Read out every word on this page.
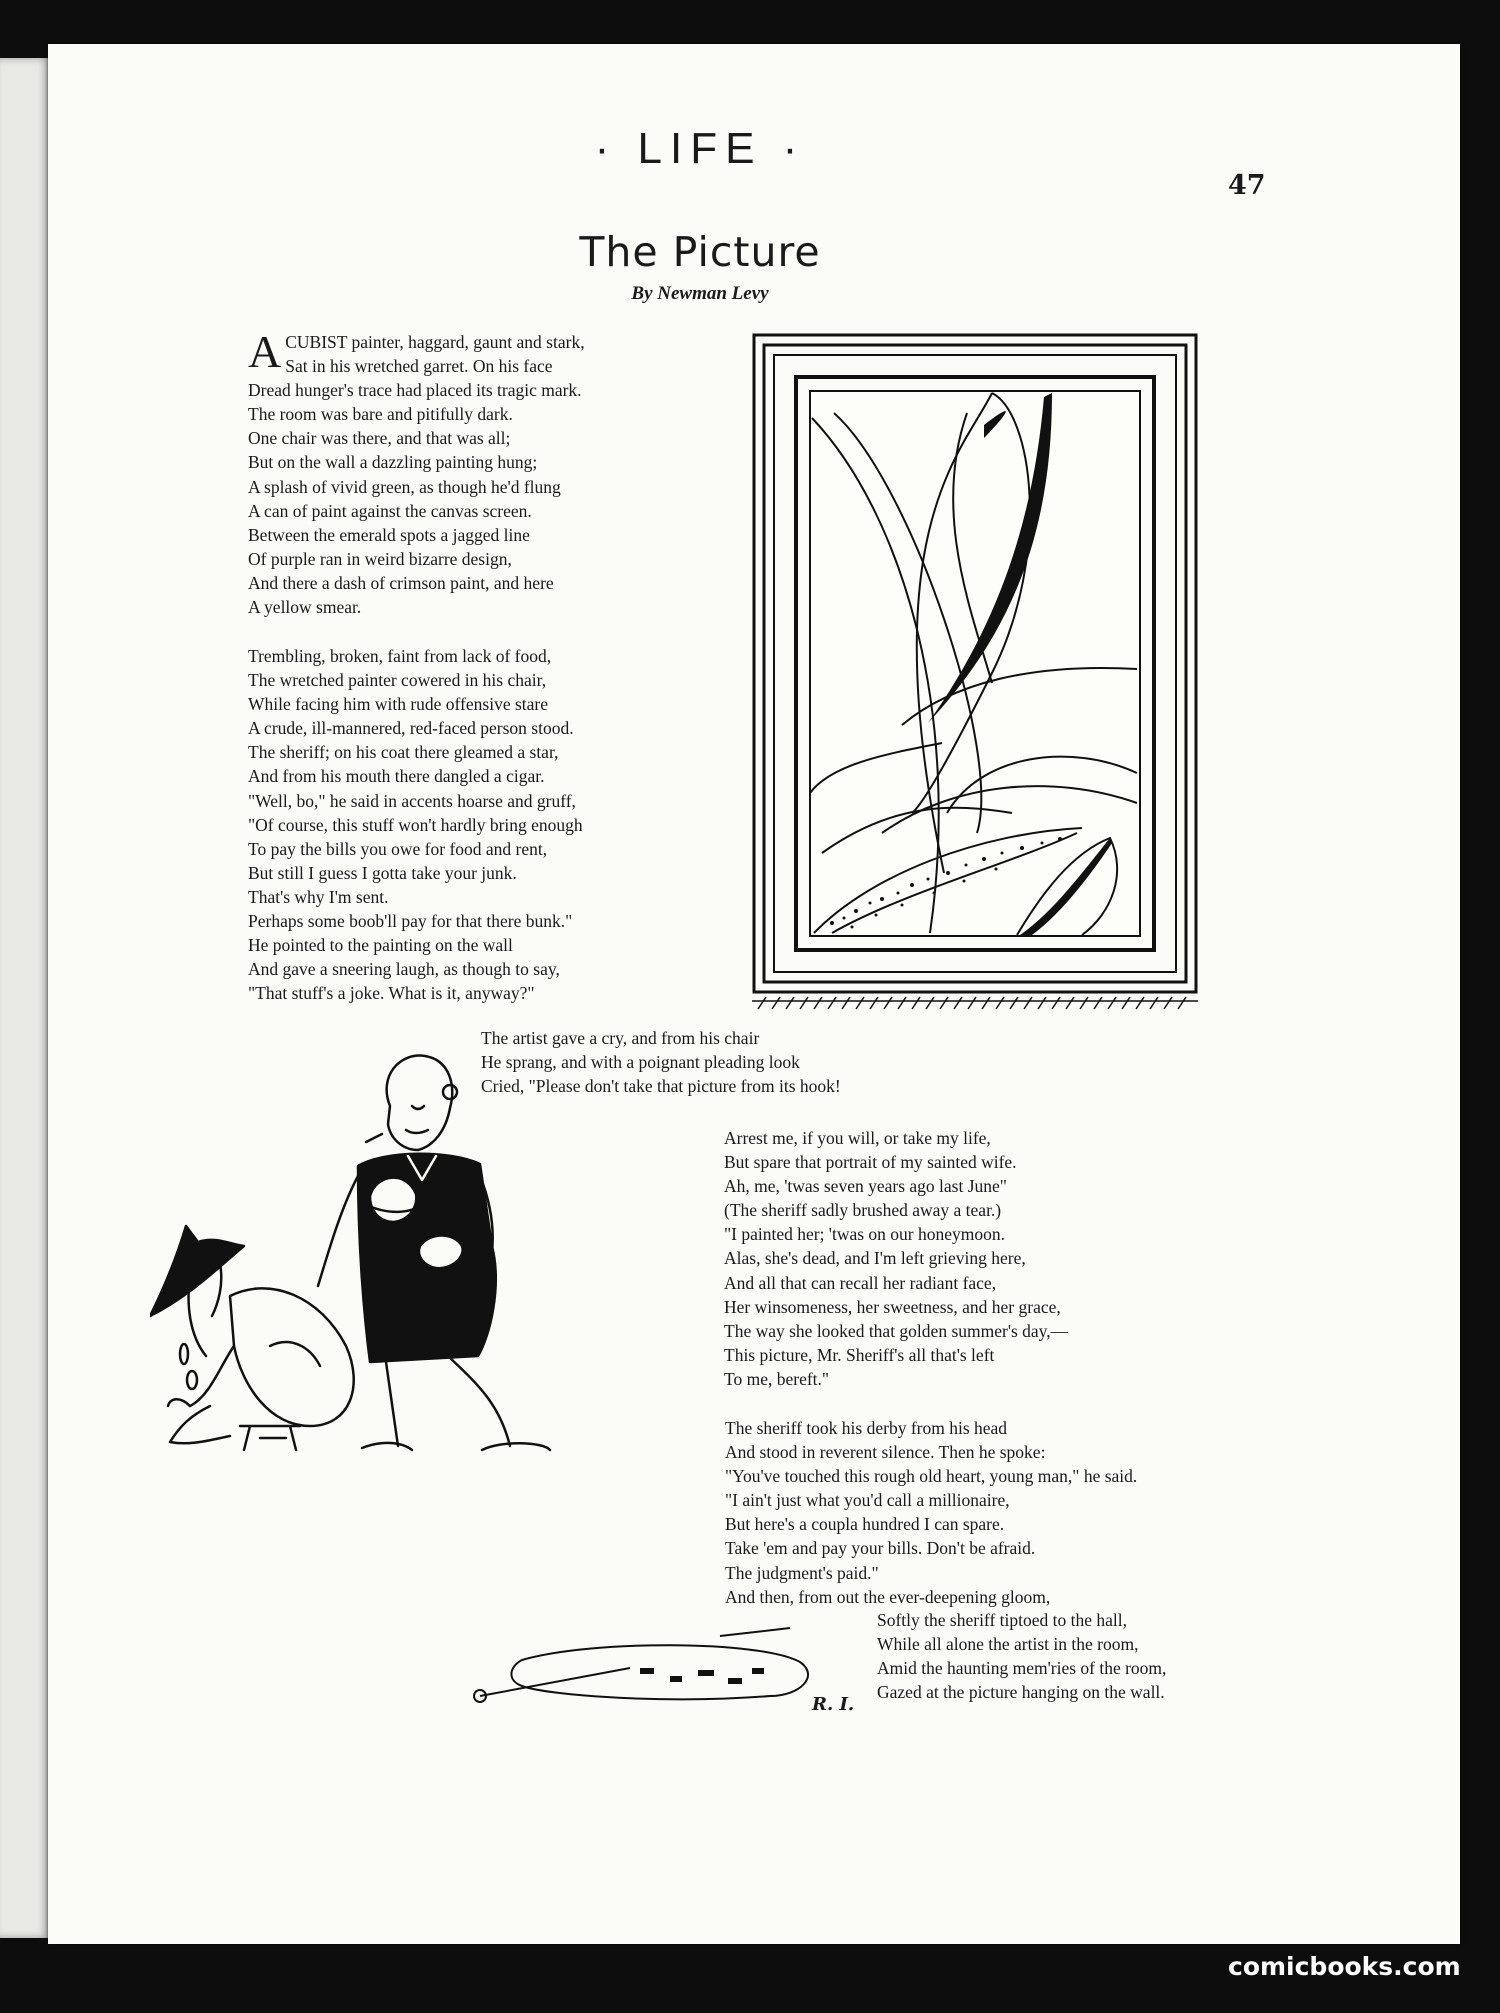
· LIFE ·
47
The Picture
By Newman Levy
A CUBIST painter, haggard, gaunt and stark,
Sat in his wretched garret. On his face
Dread hunger's trace had placed its tragic mark.
The room was bare and pitifully dark.
One chair was there, and that was all;
But on the wall a dazzling painting hung;
A splash of vivid green, as though he'd flung
A can of paint against the canvas screen.
Between the emerald spots a jagged line
Of purple ran in weird bizarre design,
And there a dash of crimson paint, and here
A yellow smear.
Trembling, broken, faint from lack of food,
The wretched painter cowered in his chair,
While facing him with rude offensive stare
A crude, ill-mannered, red-faced person stood.
The sheriff; on his coat there gleamed a star,
And from his mouth there dangled a cigar.
"Well, bo," he said in accents hoarse and gruff,
"Of course, this stuff won't hardly bring enough
To pay the bills you owe for food and rent,
But still I guess I gotta take your junk.
That's why I'm sent.
Perhaps some boob'll pay for that there bunk."
He pointed to the painting on the wall
And gave a sneering laugh, as though to say,
"That stuff's a joke. What is it, anyway?"
The artist gave a cry, and from his chair
He sprang, and with a poignant pleading look
Cried, "Please don't take that picture from its hook!
Arrest me, if you will, or take my life,
But spare that portrait of my sainted wife.
Ah, me, 'twas seven years ago last June"
(The sheriff sadly brushed away a tear.)
"I painted her; 'twas on our honeymoon.
Alas, she's dead, and I'm left grieving here,
And all that can recall her radiant face,
Her winsomeness, her sweetness, and her grace,
The way she looked that golden summer's day,—
This picture, Mr. Sheriff's all that's left
To me, bereft."
The sheriff took his derby from his head
And stood in reverent silence. Then he spoke:
"You've touched this rough old heart, young man," he said.
"I ain't just what you'd call a millionaire,
But here's a coupla hundred I can spare.
Take 'em and pay your bills. Don't be afraid.
The judgment's paid."
And then, from out the ever-deepening gloom,
Softly the sheriff tiptoed to the hall,
While all alone the artist in the room,
Amid the haunting mem'ries of the room,
Gazed at the picture hanging on the wall.
R. I.
comicbooks.com
